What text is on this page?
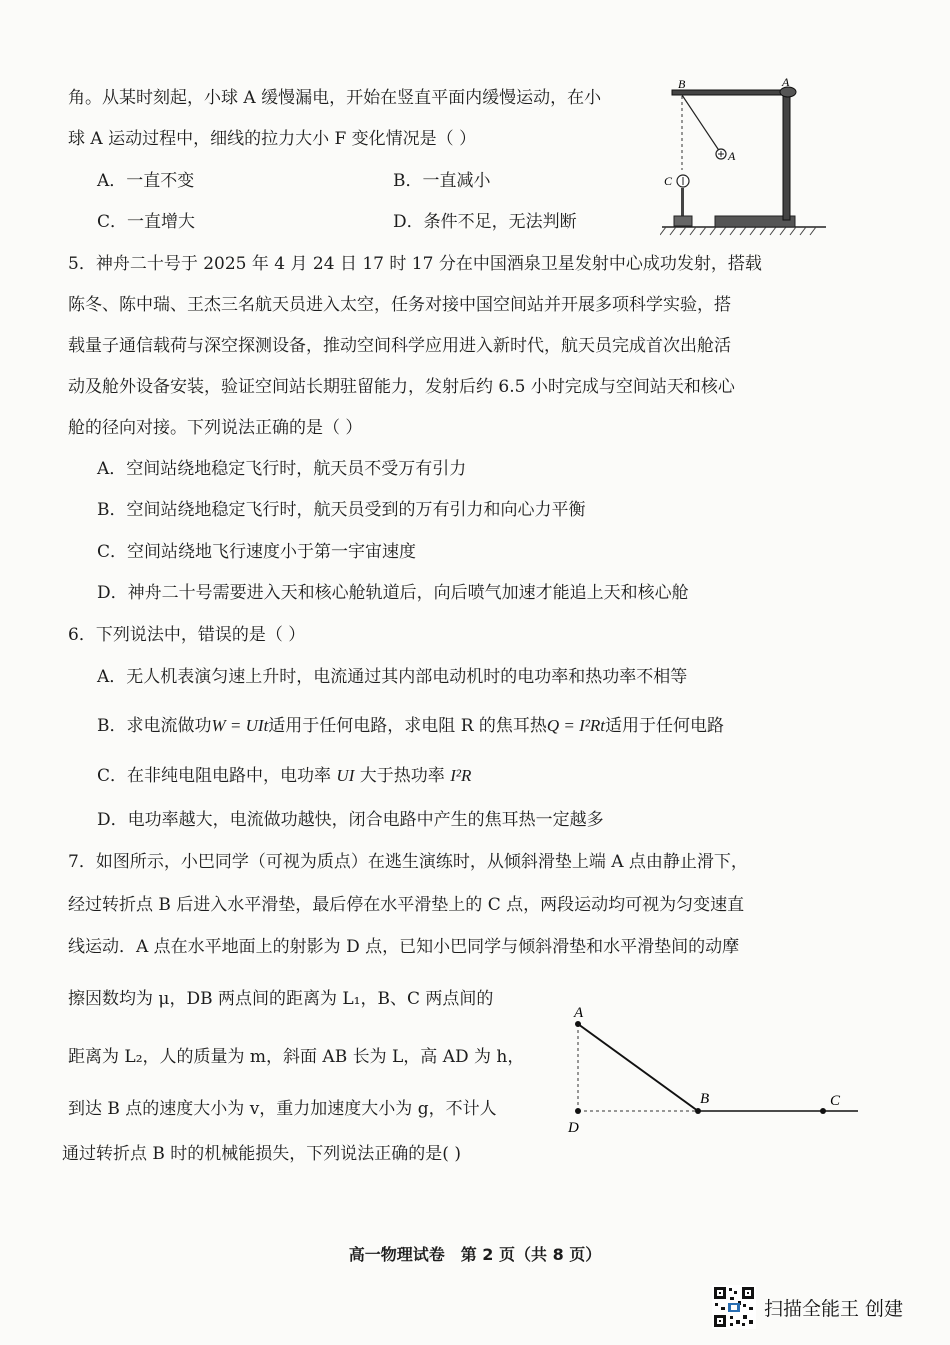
角。从某时刻起，小球 A 缓慢漏电，开始在竖直平面内缓慢运动，在小
球 A 运动过程中，细线的拉力大小 F 变化情况是（ ）
A．一直不变	B．一直减小
C．一直增大	D．条件不足，无法判断
B	A
A
C
5．神舟二十号于 2025 年 4 月 24 日 17 时 17 分在中国酒泉卫星发射中心成功发射，搭载
陈冬、陈中瑞、王杰三名航天员进入太空，任务对接中国空间站并开展多项科学实验，搭
载量子通信载荷与深空探测设备，推动空间科学应用进入新时代，航天员完成首次出舱活
动及舱外设备安装，验证空间站长期驻留能力，发射后约 6.5 小时完成与空间站天和核心
舱的径向对接。下列说法正确的是（ ）
A．空间站绕地稳定飞行时，航天员不受万有引力
B．空间站绕地稳定飞行时，航天员受到的万有引力和向心力平衡
C．空间站绕地飞行速度小于第一宇宙速度
D．神舟二十号需要进入天和核心舱轨道后，向后喷气加速才能追上天和核心舱
6．下列说法中，错误的是（ ）
A．无人机表演匀速上升时，电流通过其内部电动机时的电功率和热功率不相等
B．求电流做功W = UIt适用于任何电路，求电阻 R 的焦耳热Q = I²Rt适用于任何电路
C．在非纯电阻电路中，电功率 UI 大于热功率 I²R
D．电功率越大，电流做功越快，闭合电路中产生的焦耳热一定越多
7．如图所示，小巴同学（可视为质点）在逃生演练时，从倾斜滑垫上端 A 点由静止滑下，
经过转折点 B 后进入水平滑垫，最后停在水平滑垫上的 C 点，两段运动均可视为匀变速直
线运动．A 点在水平地面上的射影为 D 点，已知小巴同学与倾斜滑垫和水平滑垫间的动摩
擦因数均为 μ，DB 两点间的距离为 L₁，B、C 两点间的
距离为 L₂，人的质量为 m，斜面 AB 长为 L，高 AD 为 h，
到达 B 点的速度大小为 v，重力加速度大小为 g，不计人
通过转折点 B 时的机械能损失，下列说法正确的是( )
A
B	C
D
高一物理试卷　第 2 页（共 8 页）
扫描全能王 创建
